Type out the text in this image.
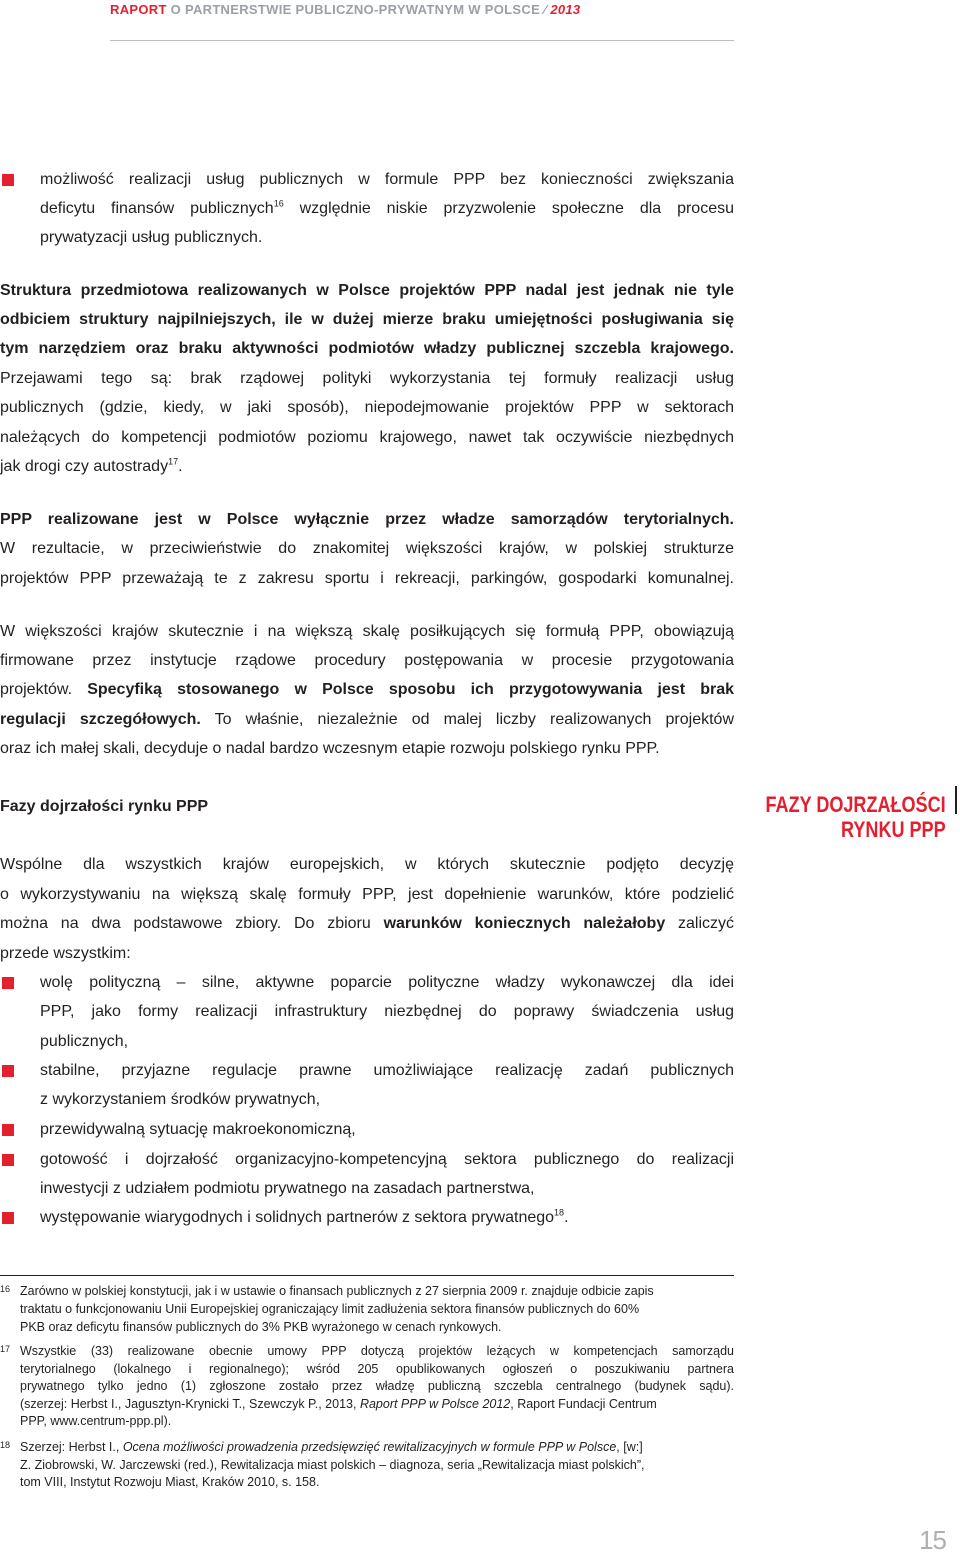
RAPORT O PARTNERSTWIE PUBLICZNO-PRYWATNYM W POLSCE ⁄ 2013
możliwość realizacji usług publicznych w formule PPP bez konieczności zwiększania
deficytu finansów publicznych$^{16}$ względnie niskie przyzwolenie społeczne dla procesu
prywatyzacji usług publicznych.
Struktura przedmiotowa realizowanych w Polsce projektów PPP nadal jest jednak nie tyle
odbiciem struktury najpilniejszych, ile w dużej mierze braku umiejętności posługiwania się
tym narzędziem oraz braku aktywności podmiotów władzy publicznej szczebla krajowego.
Przejawami tego są: brak rządowej polityki wykorzystania tej formuły realizacji usług
publicznych (gdzie, kiedy, w jaki sposób), niepodejmowanie projektów PPP w sektorach
należących do kompetencji podmiotów poziomu krajowego, nawet tak oczywiście niezbędnych
jak drogi czy autostrady$^{17}$.
PPP realizowane jest w Polsce wyłącznie przez władze samorządów terytorialnych.
W rezultacie, w przeciwieństwie do znakomitej większości krajów, w polskiej strukturze
projektów PPP przeważają te z zakresu sportu i rekreacji, parkingów, gospodarki komunalnej.
W większości krajów skutecznie i na większą skalę posiłkujących się formułą PPP, obowiązują
firmowane przez instytucje rządowe procedury postępowania w procesie przygotowania
projektów. Specyfiką stosowanego w Polsce sposobu ich przygotowywania jest brak
regulacji szczegółowych. To właśnie, niezależnie od malej liczby realizowanych projektów
oraz ich małej skali, decyduje o nadal bardzo wczesnym etapie rozwoju polskiego rynku PPP.
Fazy dojrzałości rynku PPP	FAZY DOJRZAŁOŚCI
RYNKU PPP
Wspólne dla wszystkich krajów europejskich, w których skutecznie podjęto decyzję
o wykorzystywaniu na większą skalę formuły PPP, jest dopełnienie warunków, które podzielić
można na dwa podstawowe zbiory. Do zbioru warunków koniecznych należałoby zaliczyć
przede wszystkim:
wolę polityczną – silne, aktywne poparcie polityczne władzy wykonawczej dla idei
PPP, jako formy realizacji infrastruktury niezbędnej do poprawy świadczenia usług
publicznych,
stabilne, przyjazne regulacje prawne umożliwiające realizację zadań publicznych
z wykorzystaniem środków prywatnych,
przewidywalną sytuację makroekonomiczną,
gotowość i dojrzałość organizacyjno-kompetencyjną sektora publicznego do realizacji
inwestycji z udziałem podmiotu prywatnego na zasadach partnerstwa,
występowanie wiarygodnych i solidnych partnerów z sektora prywatnego$^{18}$.
16 Zarówno w polskiej konstytucji, jak i w ustawie o finansach publicznych z 27 sierpnia 2009 r. znajduje odbicie zapis
traktatu o funkcjonowaniu Unii Europejskiej ograniczający limit zadłużenia sektora finansów publicznych do 60%
PKB oraz deficytu finansów publicznych do 3% PKB wyrażonego w cenach rynkowych.
17 Wszystkie (33) realizowane obecnie umowy PPP dotyczą projektów leżących w kompetencjach samorządu
terytorialnego (lokalnego i regionalnego); wśród 205 opublikowanych ogłoszeń o poszukiwaniu partnera
prywatnego tylko jedno (1) zgłoszone zostało przez władzę publiczną szczebla centralnego (budynek sądu).
(szerzej: Herbst I., Jagusztyn-Krynicki T., Szewczyk P., 2013, Raport PPP w Polsce 2012, Raport Fundacji Centrum
PPP, www.centrum-ppp.pl).
18 Szerzej: Herbst I., Ocena możliwości prowadzenia przedsięwzięć rewitalizacyjnych w formule PPP w Polsce, [w:]
Z. Ziobrowski, W. Jarczewski (red.), Rewitalizacja miast polskich – diagnoza, seria „Rewitalizacja miast polskich”,
tom VIII, Instytut Rozwoju Miast, Kraków 2010, s. 158.
15
